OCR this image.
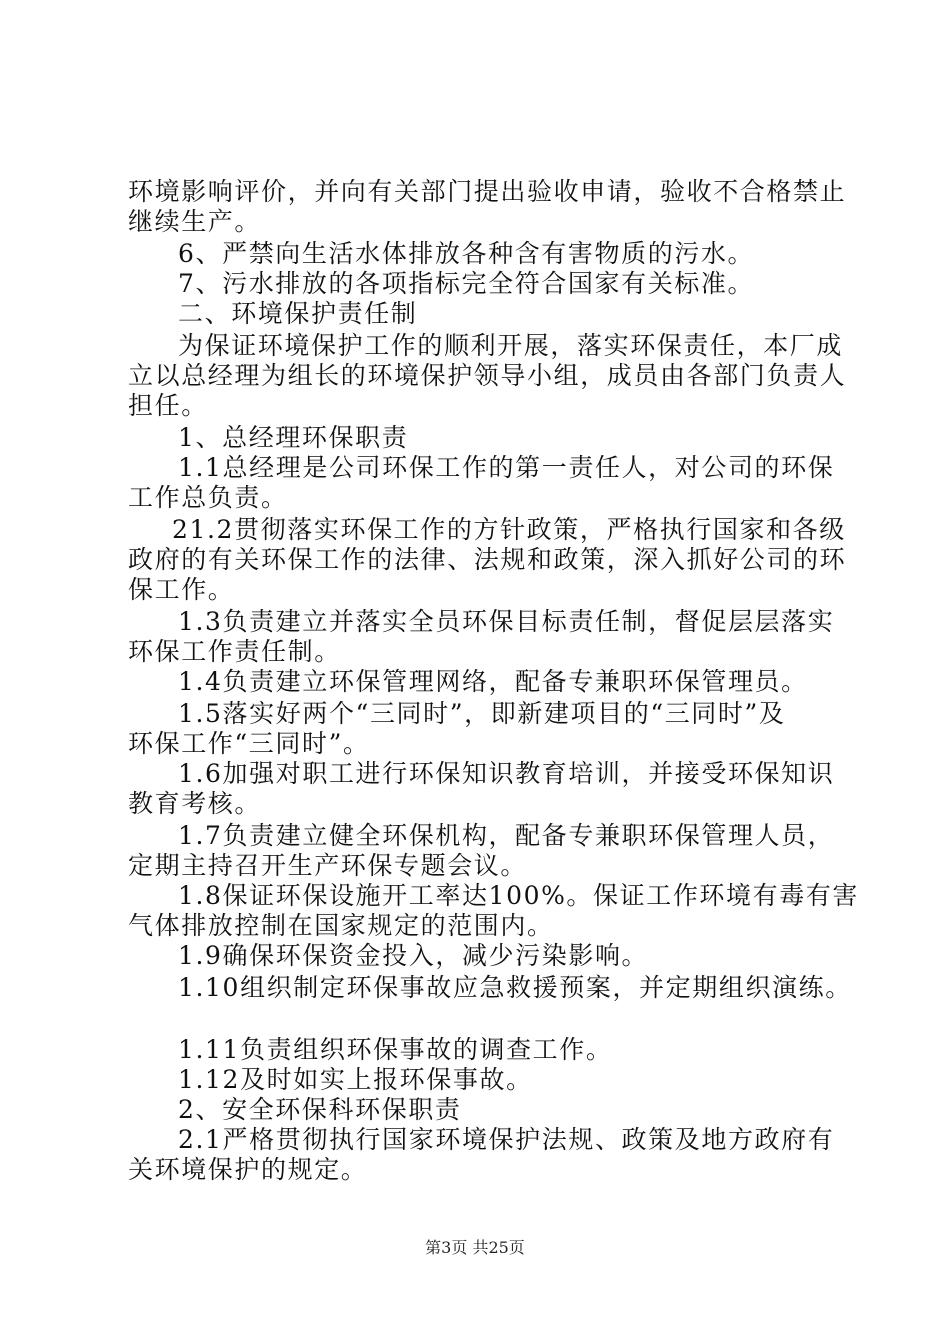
环境影响评价，并向有关部门提出验收申请，验收不合格禁止
继续生产。
6、严禁向生活水体排放各种含有害物质的污水。
7、污水排放的各项指标完全符合国家有关标准。
二、环境保护责任制
为保证环境保护工作的顺利开展，落实环保责任，本厂成
立以总经理为组长的环境保护领导小组，成员由各部门负责人
担任。
1、总经理环保职责
1.1总经理是公司环保工作的第一责任人，对公司的环保
工作总负责。
21.2贯彻落实环保工作的方针政策，严格执行国家和各级
政府的有关环保工作的法律、法规和政策，深入抓好公司的环
保工作。
1.3负责建立并落实全员环保目标责任制，督促层层落实
环保工作责任制。
1.4负责建立环保管理网络，配备专兼职环保管理员。
1.5落实好两个“三同时”，即新建项目的“三同时”及
环保工作“三同时”。
1.6加强对职工进行环保知识教育培训，并接受环保知识
教育考核。
1.7负责建立健全环保机构，配备专兼职环保管理人员，
定期主持召开生产环保专题会议。
1.8保证环保设施开工率达100%。保证工作环境有毒有害
气体排放控制在国家规定的范围内。
1.9确保环保资金投入，减少污染影响。
1.10组织制定环保事故应急救援预案，并定期组织演练。
1.11负责组织环保事故的调查工作。
1.12及时如实上报环保事故。
2、安全环保科环保职责
2.1严格贯彻执行国家环境保护法规、政策及地方政府有
关环境保护的规定。
第3页 共25页
